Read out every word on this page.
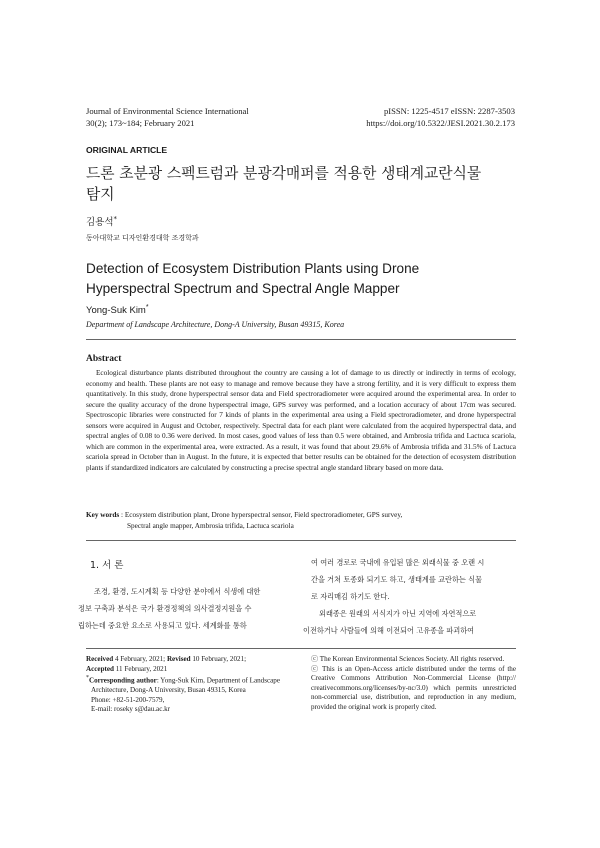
Journal of Environmental Science International
30(2); 173~184; February 2021
pISSN: 1225-4517 eISSN: 2287-3503
https://doi.org/10.5322/JESI.2021.30.2.173
ORIGINAL ARTICLE
드론 초분광 스펙트럼과 분광각매퍼를 적용한 생태계교란식물
탐지
김용석*
동아대학교 디자인환경대학 조경학과
Detection of Ecosystem Distribution Plants using Drone
Hyperspectral Spectrum and Spectral Angle Mapper
Yong-Suk Kim*
Department of Landscape Architecture, Dong-A University, Busan 49315, Korea
Abstract

Ecological disturbance plants distributed throughout the country are causing a lot of damage to us directly or indirectly in terms of ecology, economy and health. These plants are not easy to manage and remove because they have a strong fertility, and it is very difficult to express them quantitatively. In this study, drone hyperspectral sensor data and Field spectroradiometer were acquired around the experimental area. In order to secure the quality accuracy of the drone hyperspectral image, GPS survey was performed, and a location accuracy of about 17cm was secured. Spectroscopic libraries were constructed for 7 kinds of plants in the experimental area using a Field spectroradiometer, and drone hyperspectral sensors were acquired in August and October, respectively. Spectral data for each plant were calculated from the acquired hyperspectral data, and spectral angles of 0.08 to 0.36 were derived. In most cases, good values of less than 0.5 were obtained, and Ambrosia trifida and Lactuca scariola, which are common in the experimental area, were extracted. As a result, it was found that about 29.6% of Ambrosia trifida and 31.5% of Lactuca scariola spread in October than in August. In the future, it is expected that better results can be obtained for the detection of ecosystem distribution plants if standardized indicators are calculated by constructing a precise spectral angle standard library based on more data.

Key words : Ecosystem distribution plant, Drone hyperspectral sensor, Field spectroradiometer, GPS survey,
Spectral angle mapper, Ambrosia trifida, Lactuca scariola
1. 서 론

조경, 환경, 도시계획 등 다양한 분야에서 식생에 대한
정보 구축과 분석은 국가 환경정책의 의사결정지원을 수
립하는데 중요한 요소로 사용되고 있다. 세계화를 통하

여 여러 경로로 국내에 유입된 많은 외래식물 중 오랜 시
간을 거쳐 토종화 되기도 하고, 생태계를 교란하는 식물
로 자리매김 하기도 한다.

외래종은 원래의 서식지가 아닌 지역에 자연적으로
이전하거나 사람들에 의해 이전되어 고유종을 파괴하여

Received 4 February, 2021; Revised 10 February, 2021;
Accepted 11 February, 2021
*Corresponding author: Yong-Suk Kim, Department of Landscape
Architecture, Dong-A University, Busan 49315, Korea
Phone: +82-51-200-7579,
E-mail: roseky s@dau.ac.kr
ⓒ The Korean Environmental Sciences Society. All rights reserved.
ⓒ This is an Open-Access article distributed under the terms of the Creative Commons Attribution Non-Commercial License (http:// creativecommons.org/licenses/by-nc/3.0) which permits unrestricted non-commercial use, distribution, and reproduction in any medium, provided the original work is properly cited.
